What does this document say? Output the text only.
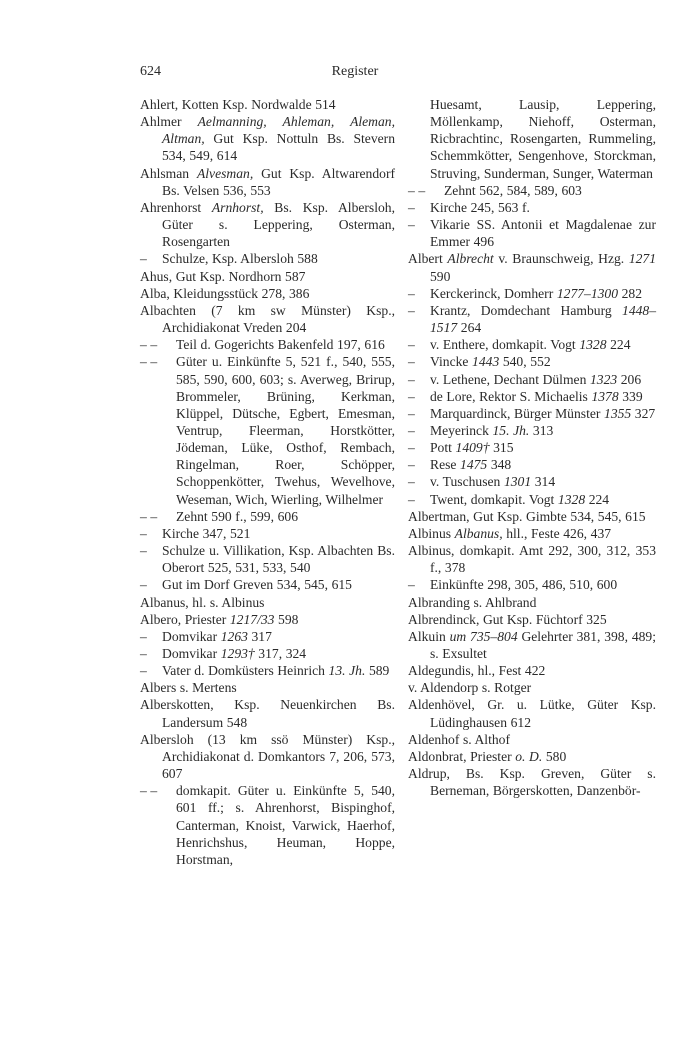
624	Register
Ahlert, Kotten Ksp. Nordwalde 514
Ahlmer Aelmanning, Ahleman, Aleman, Altman, Gut Ksp. Nottuln Bs. Stevern 534, 549, 614
Ahlsman Alvesman, Gut Ksp. Altwarendorf Bs. Velsen 536, 553
Ahrenhorst Arnhorst, Bs. Ksp. Albersloh, Güter s. Leppering, Osterman, Rosengarten
– Schulze, Ksp. Albersloh 588
Ahus, Gut Ksp. Nordhorn 587
Alba, Kleidungsstück 278, 386
Albachten (7 km sw Münster) Ksp., Archidiakonat Vreden 204
– – Teil d. Gogerichts Bakenfeld 197, 616
– – Güter u. Einkünfte 5, 521 f., 540, 555, 585, 590, 600, 603; s. Averweg, Brirup, Brommeler, Brüning, Kerkman, Klüppel, Dütsche, Egbert, Emesman, Ventrup, Fleerman, Horstkötter, Jödeman, Lüke, Osthof, Rembach, Ringelman, Roer, Schöpper, Schoppenkötter, Twehus, Wevelhove, Weseman, Wich, Wierling, Wilhelmer
– – Zehnt 590 f., 599, 606
– Kirche 347, 521
– Schulze u. Villikation, Ksp. Albachten Bs. Oberort 525, 531, 533, 540
– Gut im Dorf Greven 534, 545, 615
Albanus, hl. s. Albinus
Albero, Priester 1217/33 598
– Domvikar 1263 317
– Domvikar 1293† 317, 324
– Vater d. Domküsters Heinrich 13. Jh. 589
Albers s. Mertens
Alberskotten, Ksp. Neuenkirchen Bs. Landersum 548
Albersloh (13 km ssö Münster) Ksp., Archidiakonat d. Domkantors 7, 206, 573, 607
– – domkapit. Güter u. Einkünfte 5, 540, 601 ff.; s. Ahrenhorst, Bispinghof, Canterman, Knoist, Varwick, Haerhof, Henrichshus, Heuman, Hoppe, Horstman,
Huesamt, Lausip, Leppering, Möllenkamp, Niehoff, Osterman, Ricbrachtinc, Rosengarten, Rummeling, Schemmkötter, Sengenhove, Storckman, Struving, Sunderman, Sunger, Waterman
– – Zehnt 562, 584, 589, 603
– Kirche 245, 563 f.
– Vikarie SS. Antonii et Magdalenae zur Emmer 496
Albert Albrecht v. Braunschweig, Hzg. 1271 590
– Kerckerinck, Domherr 1277–1300 282
– Krantz, Domdechant Hamburg 1448–1517 264
– v. Enthere, domkapit. Vogt 1328 224
– Vincke 1443 540, 552
– v. Lethene, Dechant Dülmen 1323 206
– de Lore, Rektor S. Michaelis 1378 339
– Marquardinck, Bürger Münster 1355 327
– Meyerinck 15. Jh. 313
– Pott 1409† 315
– Rese 1475 348
– v. Tuschusen 1301 314
– Twent, domkapit. Vogt 1328 224
Albertman, Gut Ksp. Gimbte 534, 545, 615
Albinus Albanus, hll., Feste 426, 437
Albinus, domkapit. Amt 292, 300, 312, 353 f., 378
– Einkünfte 298, 305, 486, 510, 600
Albranding s. Ahlbrand
Albrendinck, Gut Ksp. Füchtorf 325
Alkuin um 735–804 Gelehrter 381, 398, 489; s. Exsultet
Aldegundis, hl., Fest 422
v. Aldendorp s. Rotger
Aldenhövel, Gr. u. Lütke, Güter Ksp. Lüdinghausen 612
Aldenhof s. Althof
Aldonbrat, Priester o. D. 580
Aldrup, Bs. Ksp. Greven, Güter s. Berneman, Börgerskotten, Danzenbör-
